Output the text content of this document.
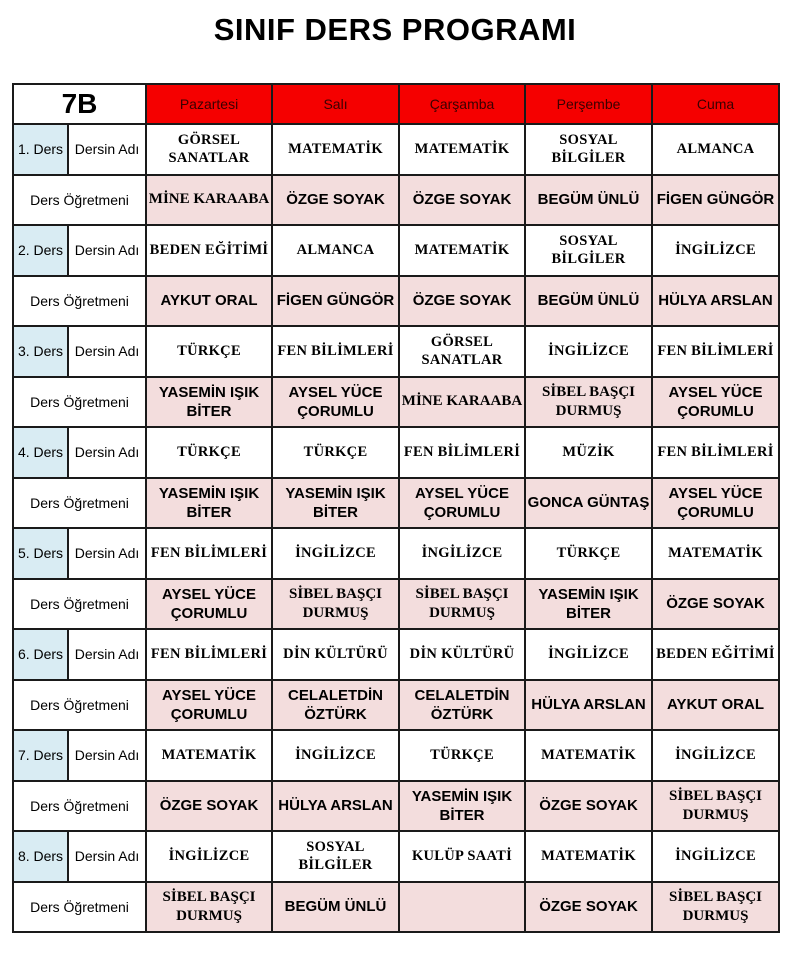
SINIF DERS PROGRAMI
7B		Pazartesi	Salı	Çarşamba	Perşembe	Cuma
1. Ders	Dersin Adı	GÖRSEL SANATLAR	MATEMATİK	MATEMATİK	SOSYAL BİLGİLER	ALMANCA
Ders Öğretmeni		MİNE KARAABA	ÖZGE SOYAK	ÖZGE SOYAK	BEGÜM ÜNLÜ	FİGEN GÜNGÖR
2. Ders	Dersin Adı	BEDEN EĞİTİMİ	ALMANCA	MATEMATİK	SOSYAL BİLGİLER	İNGİLİZCE
Ders Öğretmeni		AYKUT ORAL	FİGEN GÜNGÖR	ÖZGE SOYAK	BEGÜM ÜNLÜ	HÜLYA ARSLAN
3. Ders	Dersin Adı	TÜRKÇE	FEN BİLİMLERİ	GÖRSEL SANATLAR	İNGİLİZCE	FEN BİLİMLERİ
Ders Öğretmeni		YASEMİN IŞIK BİTER	AYSEL YÜCE ÇORUMLU	MİNE KARAABA	SİBEL BAŞÇI DURMUŞ	AYSEL YÜCE ÇORUMLU
4. Ders	Dersin Adı	TÜRKÇE	TÜRKÇE	FEN BİLİMLERİ	MÜZİK	FEN BİLİMLERİ
Ders Öğretmeni		YASEMİN IŞIK BİTER	YASEMİN IŞIK BİTER	AYSEL YÜCE ÇORUMLU	GONCA GÜNTAŞ	AYSEL YÜCE ÇORUMLU
5. Ders	Dersin Adı	FEN BİLİMLERİ	İNGİLİZCE	İNGİLİZCE	TÜRKÇE	MATEMATİK
Ders Öğretmeni		AYSEL YÜCE ÇORUMLU	SİBEL BAŞÇI DURMUŞ	SİBEL BAŞÇI DURMUŞ	YASEMİN IŞIK BİTER	ÖZGE SOYAK
6. Ders	Dersin Adı	FEN BİLİMLERİ	DİN KÜLTÜRÜ	DİN KÜLTÜRÜ	İNGİLİZCE	BEDEN EĞİTİMİ
Ders Öğretmeni		AYSEL YÜCE ÇORUMLU	CELALETDİN ÖZTÜRK	CELALETDİN ÖZTÜRK	HÜLYA ARSLAN	AYKUT ORAL
7. Ders	Dersin Adı	MATEMATİK	İNGİLİZCE	TÜRKÇE	MATEMATİK	İNGİLİZCE
Ders Öğretmeni		ÖZGE SOYAK	HÜLYA ARSLAN	YASEMİN IŞIK BİTER	ÖZGE SOYAK	SİBEL BAŞÇI DURMUŞ
8. Ders	Dersin Adı	İNGİLİZCE	SOSYAL BİLGİLER	KULÜP SAATİ	MATEMATİK	İNGİLİZCE
Ders Öğretmeni		SİBEL BAŞÇI DURMUŞ	BEGÜM ÜNLÜ		ÖZGE SOYAK	SİBEL BAŞÇI DURMUŞ
